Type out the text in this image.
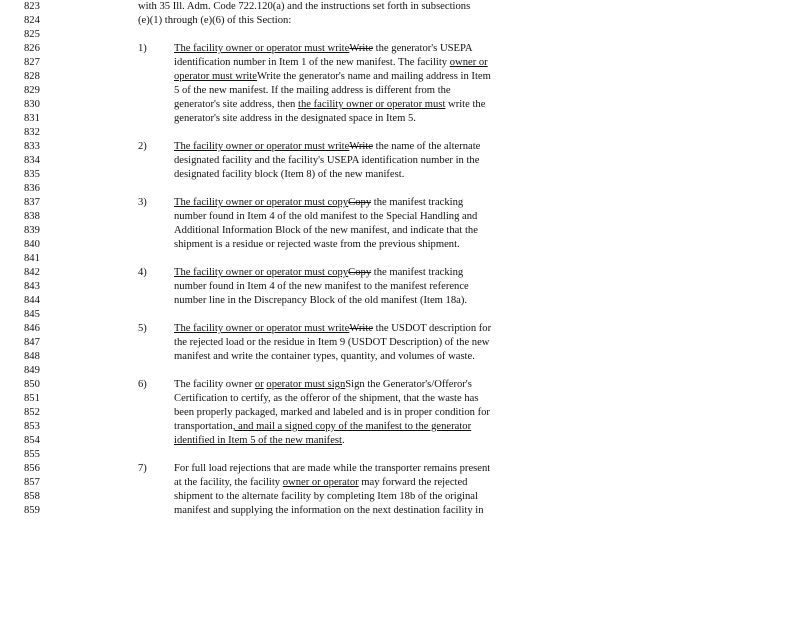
823	with 35 Ill. Adm. Code 722.120(a) and the instructions set forth in subsections
824	(e)(1) through (e)(6) of this Section:
825
826	1)	The facility owner or operator must writeWrite the generator's USEPA
827	identification number in Item 1 of the new manifest. The facility owner or
828	operator must writeWrite the generator's name and mailing address in Item
829	5 of the new manifest. If the mailing address is different from the
830	generator's site address, then the facility owner or operator must write the
831	generator's site address in the designated space in Item 5.
832
833	2)	The facility owner or operator must writeWrite the name of the alternate
834	designated facility and the facility's USEPA identification number in the
835	designated facility block (Item 8) of the new manifest.
836
837	3)	The facility owner or operator must copyCopy the manifest tracking
838	number found in Item 4 of the old manifest to the Special Handling and
839	Additional Information Block of the new manifest, and indicate that the
840	shipment is a residue or rejected waste from the previous shipment.
841
842	4)	The facility owner or operator must copyCopy the manifest tracking
843	number found in Item 4 of the new manifest to the manifest reference
844	number line in the Discrepancy Block of the old manifest (Item 18a).
845
846	5)	The facility owner or operator must writeWrite the USDOT description for
847	the rejected load or the residue in Item 9 (USDOT Description) of the new
848	manifest and write the container types, quantity, and volumes of waste.
849
850	6)	The facility owner or operator must signSign the Generator's/Offeror's
851	Certification to certify, as the offeror of the shipment, that the waste has
852	been properly packaged, marked and labeled and is in proper condition for
853	transportation, and mail a signed copy of the manifest to the generator
854	identified in Item 5 of the new manifest.
855
856	7)	For full load rejections that are made while the transporter remains present
857	at the facility, the facility owner or operator may forward the rejected
858	shipment to the alternate facility by completing Item 18b of the original
859	manifest and supplying the information on the next destination facility in
